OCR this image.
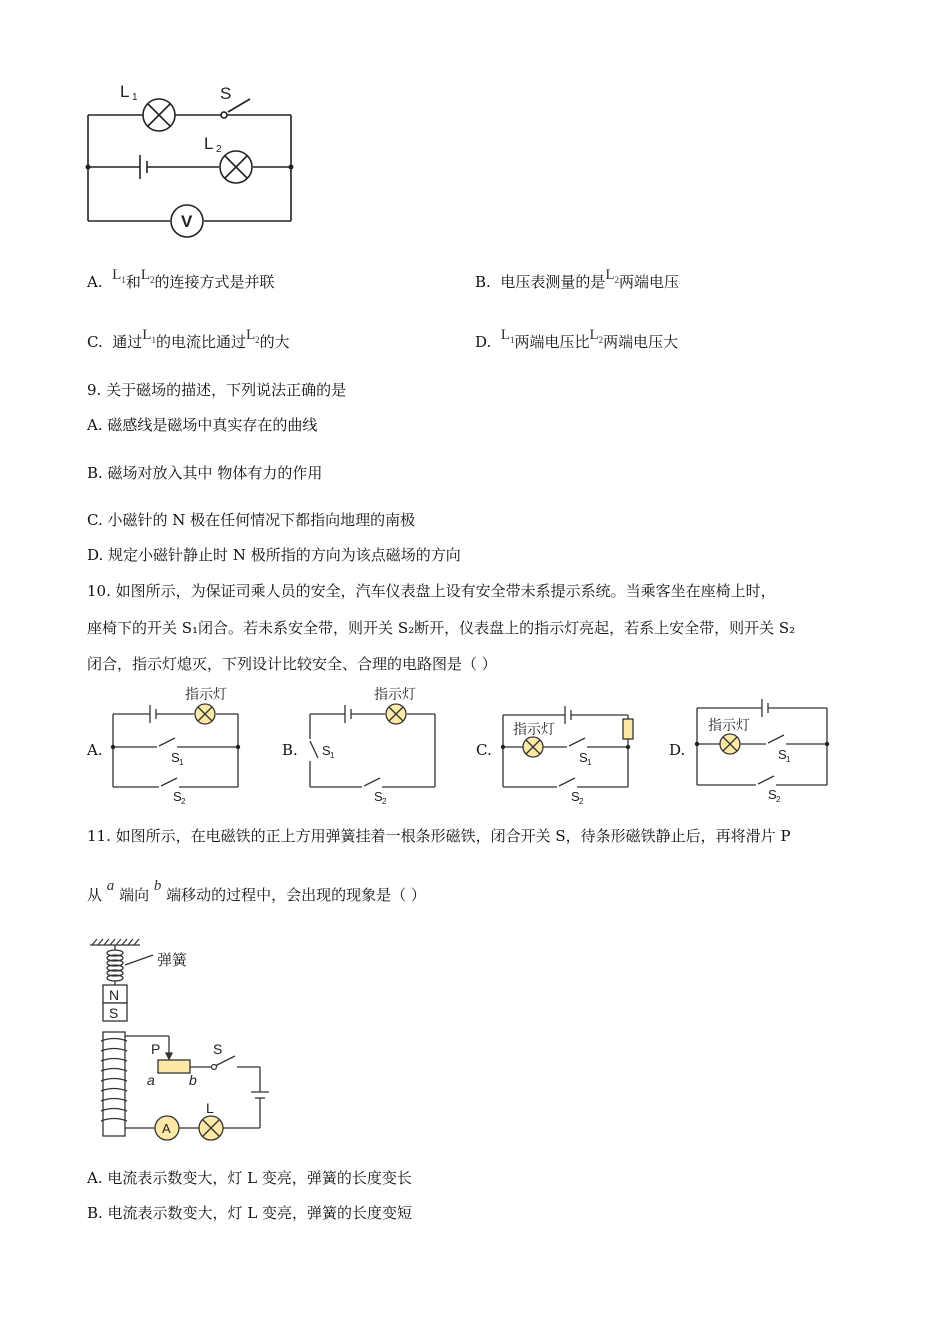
L 1	S
L 2
V
A. $L_1$和$L_2$的连接方式是并联	B. 电压表测量的是$L_2$两端电压
C. 通过$L_1$的电流比通过$L_2$的大	D. $L_1$两端电压比$L_2$两端电压大
9. 关于磁场的描述，下列说法正确的是
A. 磁感线是磁场中真实存在的曲线
B. 磁场对放入其中 物体有力的作用
C. 小磁针的 N 极在任何情况下都指向地理的南极
D. 规定小磁针静止时 N 极所指的方向为该点磁场的方向
10. 如图所示，为保证司乘人员的安全，汽车仪表盘上设有安全带未系提示系统。当乘客坐在座椅上时，
座椅下的开关 S₁闭合。若未系安全带，则开关 S₂断开，仪表盘上的指示灯亮起，若系上安全带，则开关 S₂
闭合，指示灯熄灭，下列设计比较安全、合理的电路图是（ ）
A.
指示灯
S 1
S 2
B.
指示灯
S 1
S 2
C.
指示灯
S 1
S 2
D.
指示灯
S 1
S 2
11. 如图所示，在电磁铁的正上方用弹簧挂着一根条形磁铁，闭合开关 S，待条形磁铁静止后，再将滑片 P
从 a 端向 b 端移动的过程中，会出现的现象是（ ）
弹簧
N
S
P	S
a b
A
L
A. 电流表示数变大，灯 L 变亮，弹簧的长度变长
B. 电流表示数变大，灯 L 变亮，弹簧的长度变短
